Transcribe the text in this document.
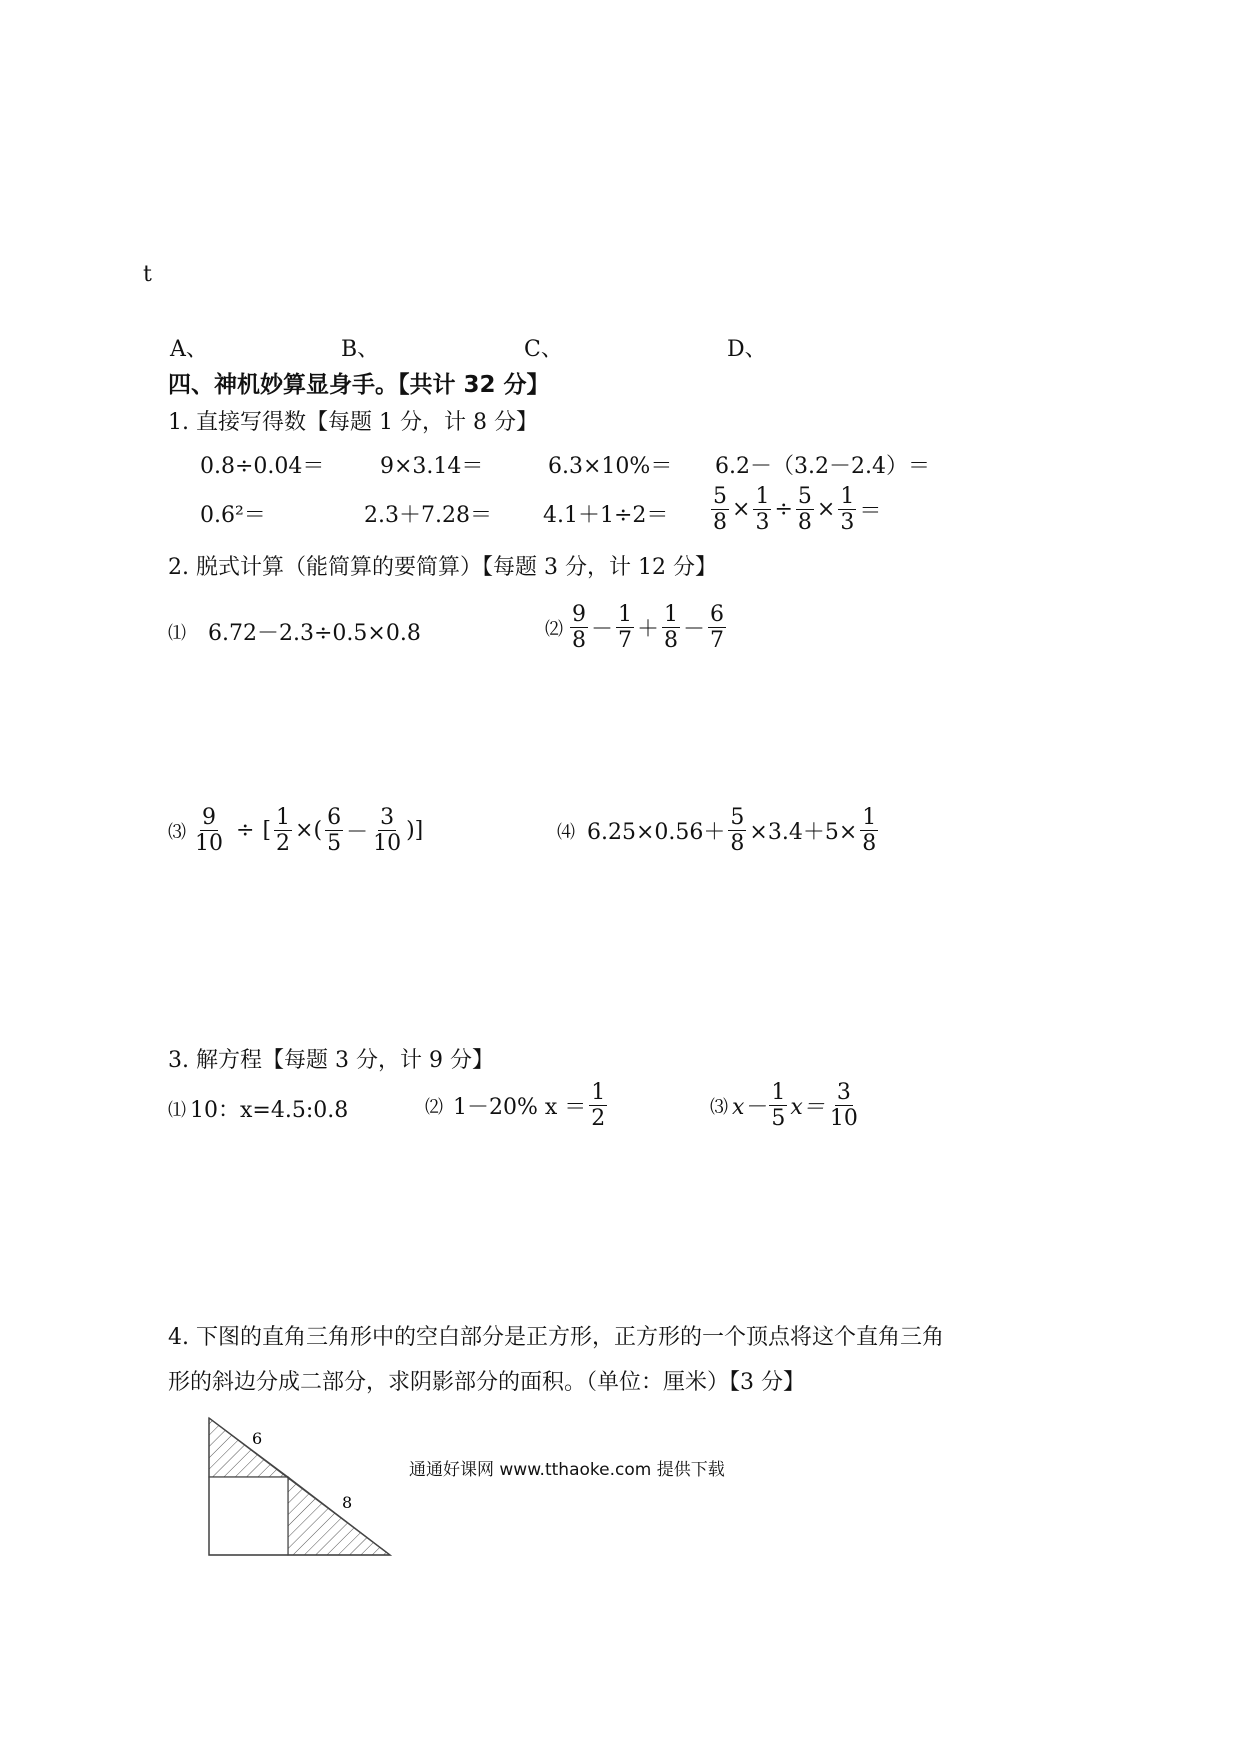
t
A、	B、	C、	D、
四、神机妙算显身手。【共计 32 分】
1. 直接写得数【每题 1 分，计 8 分】
0.8÷0.04＝	9×3.14＝	6.3×10%＝ 6.2－（3.2－2.4）＝
0.6²＝	$2.3+7.28= 4.1+1\div 2= \frac{5}{8} \times \frac{1}{3} \div \frac{5}{8} \times \frac{1}{3}$ ＝
2. 脱式计算（能简算的要简算）【每题 3 分，计 12 分】
⑴ 6.72－2.3÷0.5×0.8	⑵ $\frac{9}{8} - \frac{1}{7} + \frac{1}{8} - \frac{6}{7}$
⑶ $\frac{9}{10}$ ÷ [ $\frac{1}{2}$ ×( $\frac{6}{5} - \frac{3}{10}$ )]	⑷ $6.25\times 0.56+ \frac{5}{8} \times 3.4+5\times \frac{1}{8}$
3. 解方程【每题 3 分，计 9 分】
⑴ 10：x=4.5:0.8	⑵ 1－20% $x = \frac{1}{2}$	⑶ $x- \frac{1}{5} x= \frac{3}{10}$
4. 下图的直角三角形中的空白部分是正方形，正方形的一个顶点将这个直角三角
形的斜边分成二部分，求阴影部分的面积。（单位：厘米）【3 分】
6
8
通通好课网 www.tthaoke.com 提供下载
